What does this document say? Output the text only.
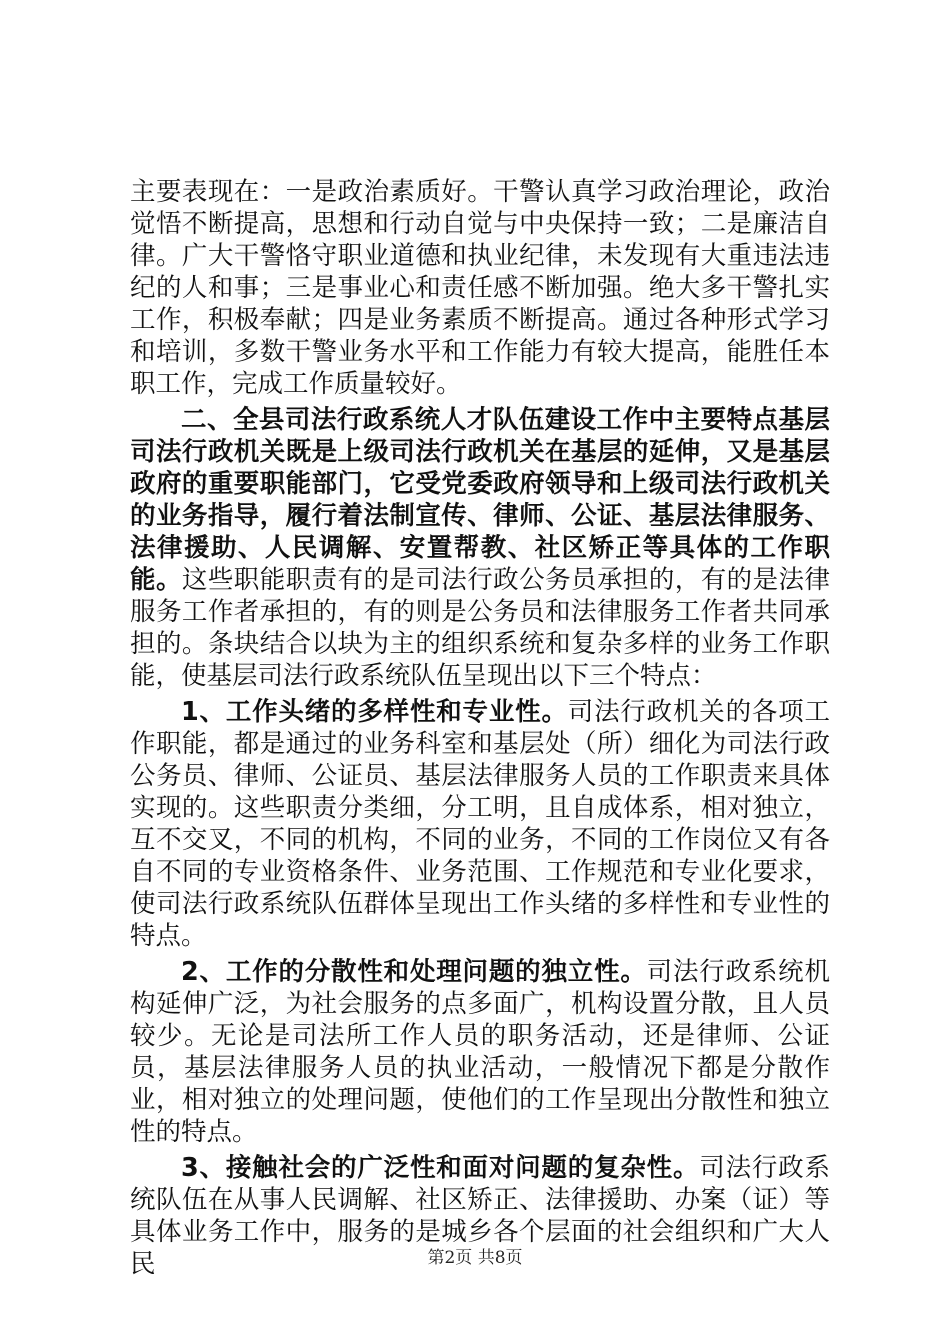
主要表现在：一是政治素质好。干警认真学习政治理论，政治觉悟不断提高，思想和行动自觉与中央保持一致；二是廉洁自律。广大干警恪守职业道德和执业纪律，未发现有大重违法违纪的人和事；三是事业心和责任感不断加强。绝大多干警扎实工作，积极奉献；四是业务素质不断提高。通过各种形式学习和培训，多数干警业务水平和工作能力有较大提高，能胜任本职工作，完成工作质量较好。

二、全县司法行政系统人才队伍建设工作中主要特点基层司法行政机关既是上级司法行政机关在基层的延伸，又是基层政府的重要职能部门，它受党委政府领导和上级司法行政机关的业务指导，履行着法制宣传、律师、公证、基层法律服务、法律援助、人民调解、安置帮教、社区矫正等具体的工作职能。这些职能职责有的是司法行政公务员承担的，有的是法律服务工作者承担的，有的则是公务员和法律服务工作者共同承担的。条块结合以块为主的组织系统和复杂多样的业务工作职能，使基层司法行政系统队伍呈现出以下三个特点：

1、工作头绪的多样性和专业性。司法行政机关的各项工作职能，都是通过的业务科室和基层处（所）细化为司法行政公务员、律师、公证员、基层法律服务人员的工作职责来具体实现的。这些职责分类细，分工明，且自成体系，相对独立，互不交叉，不同的机构，不同的业务，不同的工作岗位又有各自不同的专业资格条件、业务范围、工作规范和专业化要求，使司法行政系统队伍群体呈现出工作头绪的多样性和专业性的特点。

2、工作的分散性和处理问题的独立性。司法行政系统机构延伸广泛，为社会服务的点多面广，机构设置分散，且人员较少。无论是司法所工作人员的职务活动，还是律师、公证员，基层法律服务人员的执业活动，一般情况下都是分散作业，相对独立的处理问题，使他们的工作呈现出分散性和独立性的特点。

3、接触社会的广泛性和面对问题的复杂性。司法行政系统队伍在从事人民调解、社区矫正、法律援助、办案（证）等具体业务工作中，服务的是城乡各个层面的社会组织和广大人民	第2页 共8页
